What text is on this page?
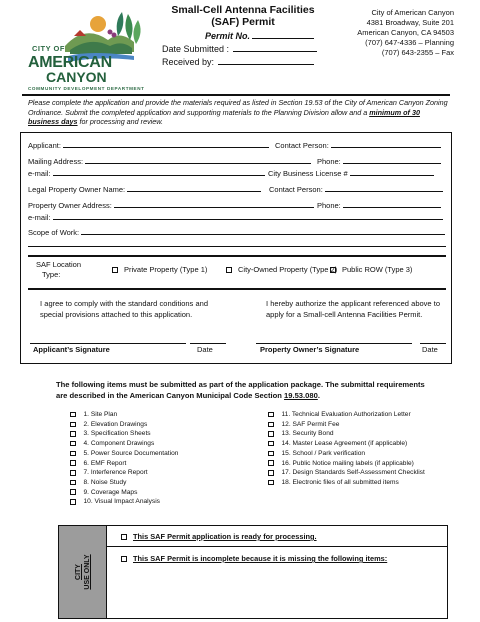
CITY OF
AMERICAN
CANYON
COMMUNITY DEVELOPMENT DEPARTMENT
Small-Cell Antenna Facilities
(SAF) Permit
Permit No.
Date Submitted :
Received by:
City of American Canyon
4381 Broadway, Suite 201
American Canyon, CA 94503
(707) 647-4336 – Planning
(707) 643-2355 – Fax
Please complete the application and provide the materials required as listed in Section 19.53 of the City of American Canyon Zoning Ordinance. Submit the completed application and supporting materials to the Planning Division allow and a minimum of 30 business days for processing and review.
Applicant:	Contact Person:
Mailing Address:	Phone:
e-mail:	City Business License #
Legal Property Owner Name:	Contact Person:
Property Owner Address:	Phone:
e-mail:
Scope of Work:
SAF Location
Type:
Private Property (Type 1)	City-Owned Property (Type 2) Public ROW (Type 3)
I agree to comply with the standard conditions and special provisions attached to this application.
I hereby authorize the applicant referenced above to apply for a Small-cell Antenna Facilities Permit.
Applicant’s Signature	Date	Property Owner’s Signature	Date
The following items must be submitted as part of the application package. The submittal requirements are described in the American Canyon Municipal Code Section 19.53.080.
1. Site Plan
2. Elevation Drawings
3. Specification Sheets
4. Component Drawings
5. Power Source Documentation
6. EMF Report
7. Interference Report
8. Noise Study
9. Coverage Maps
10. Visual Impact Analysis
11. Technical Evaluation Authorization Letter
12. SAF Permit Fee
13. Security Bond
14. Master Lease Agreement (if applicable)
15. School / Park verification
16. Public Notice mailing labels (if applicable)
17. Design Standards Self-Assessment Checklist
18. Electronic files of all submitted items
CITY USE ONLY
This SAF Permit application is ready for processing.
This SAF Permit is incomplete because it is missing the following items:
